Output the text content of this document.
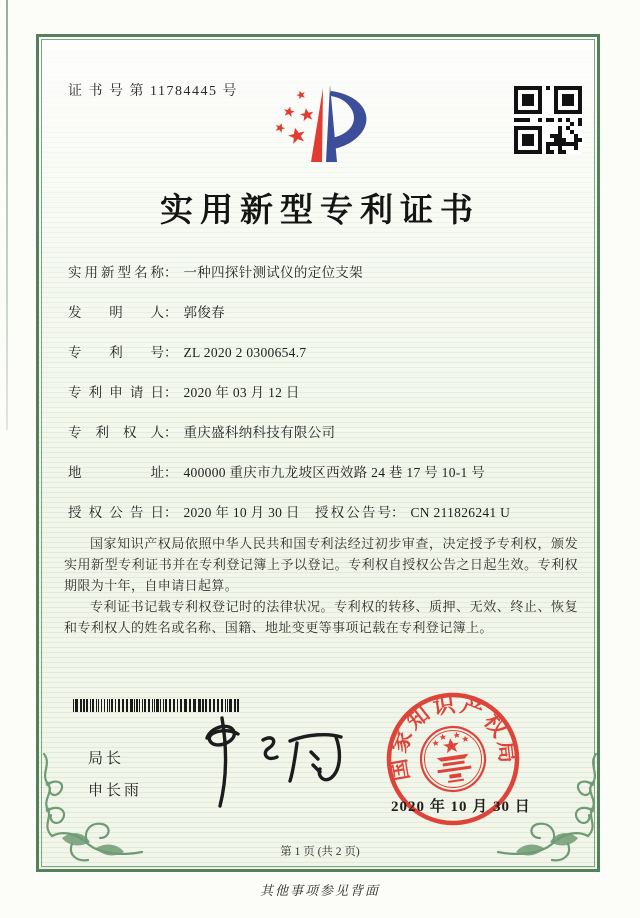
证 书 号 第 11784445 号
实用新型专利证书
实用新型名称： 一种四探针测试仪的定位支架
发明人： 郭俊春
专利号： ZL 2020 2 0300654.7
专利申请日： 2020 年 03 月 12 日
专利权人： 重庆盛科纳科技有限公司
地址： 400000 重庆市九龙坡区西效路 24 巷 17 号 10-1 号
授权公告日： 2020 年 10 月 30 日 授权公告号： CN 211826241 U
国家知识产权局依照中华人民共和国专利法经过初步审查，决定授予专利权，颁发实用新型专利证书并在专利登记簿上予以登记。专利权自授权公告之日起生效。专利权期限为十年，自申请日起算。
专利证书记载专利权登记时的法律状况。专利权的转移、质押、无效、终止、恢复和专利权人的姓名或名称、国籍、地址变更等事项记载在专利登记簿上。
局长
申长雨
国家知识产权局
2020 年 10 月 30 日
第 1 页 (共 2 页)
其他事项参见背面
